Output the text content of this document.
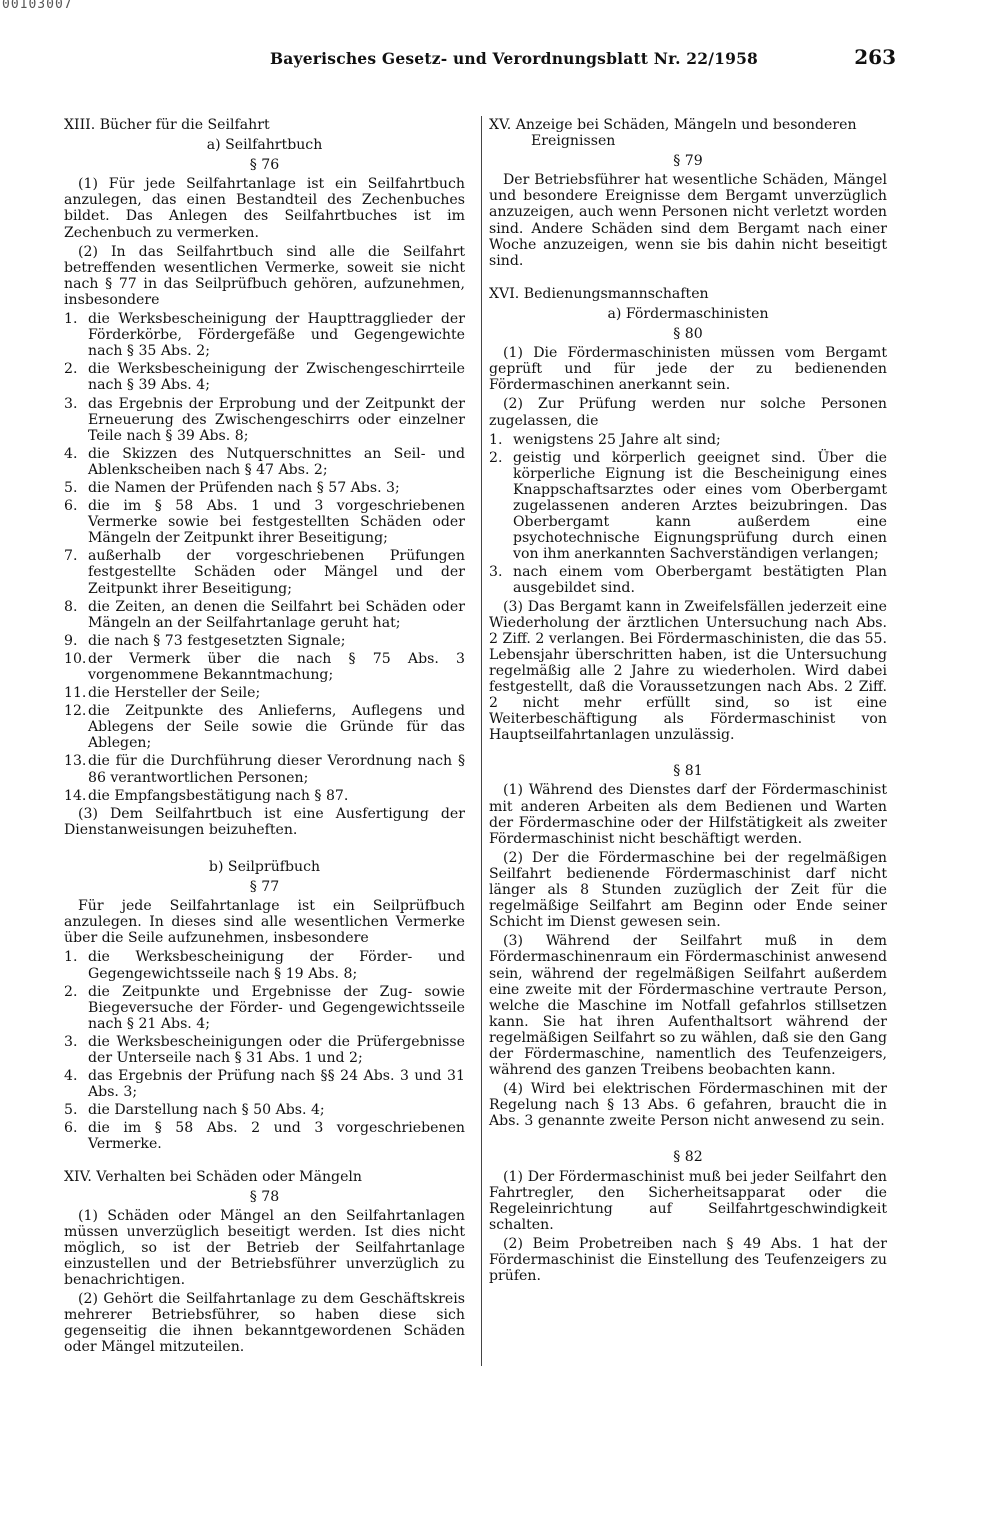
00103007
Bayerisches Gesetz- und Verordnungsblatt Nr. 22/1958	263
XIII. Bücher für die Seilfahrt
a) Seilfahrtbuch
§ 76

(1) Für jede Seilfahrtanlage ist ein Seilfahrtbuch anzulegen, das einen Bestandteil des Zechenbuches bildet. Das Anlegen des Seilfahrtbuches ist im Zechenbuch zu vermerken.

(2) In das Seilfahrtbuch sind alle die Seilfahrt betreffenden wesentlichen Vermerke, soweit sie nicht nach § 77 in das Seilprüfbuch gehören, aufzunehmen, insbesondere

1. die Werksbescheinigung der Haupttragglieder der Förderkörbe, Fördergefäße und Gegengewichte nach § 35 Abs. 2;
2. die Werksbescheinigung der Zwischengeschirrteile nach § 39 Abs. 4;
3. das Ergebnis der Erprobung und der Zeitpunkt der Erneuerung des Zwischengeschirrs oder einzelner Teile nach § 39 Abs. 8;
4. die Skizzen des Nutquerschnittes an Seil- und Ablenkscheiben nach § 47 Abs. 2;
5. die Namen der Prüfenden nach § 57 Abs. 3;
6. die im § 58 Abs. 1 und 3 vorgeschriebenen Vermerke sowie bei festgestellten Schäden oder Mängeln der Zeitpunkt ihrer Beseitigung;
7. außerhalb der vorgeschriebenen Prüfungen festgestellte Schäden oder Mängel und der Zeitpunkt ihrer Beseitigung;
8. die Zeiten, an denen die Seilfahrt bei Schäden oder Mängeln an der Seilfahrtanlage geruht hat;
9. die nach § 73 festgesetzten Signale;
10. der Vermerk über die nach § 75 Abs. 3 vorgenommene Bekanntmachung;
11. die Hersteller der Seile;
12. die Zeitpunkte des Anlieferns, Auflegens und Ablegens der Seile sowie die Gründe für das Ablegen;
13. die für die Durchführung dieser Verordnung nach § 86 verantwortlichen Personen;
14. die Empfangsbestätigung nach § 87.

(3) Dem Seilfahrtbuch ist eine Ausfertigung der Dienstanweisungen beizuheften.

b) Seilprüfbuch
§ 77

Für jede Seilfahrtanlage ist ein Seilprüfbuch anzulegen. In dieses sind alle wesentlichen Vermerke über die Seile aufzunehmen, insbesondere

1. die Werksbescheinigung der Förder- und Gegengewichtsseile nach § 19 Abs. 8;
2. die Zeitpunkte und Ergebnisse der Zug- sowie Biegeversuche der Förder- und Gegengewichtsseile nach § 21 Abs. 4;
3. die Werksbescheinigungen oder die Prüfergebnisse der Unterseile nach § 31 Abs. 1 und 2;
4. das Ergebnis der Prüfung nach §§ 24 Abs. 3 und 31 Abs. 3;
5. die Darstellung nach § 50 Abs. 4;
6. die im § 58 Abs. 2 und 3 vorgeschriebenen Vermerke.
XIV. Verhalten bei Schäden oder Mängeln
§ 78

(1) Schäden oder Mängel an den Seilfahrtanlagen müssen unverzüglich beseitigt werden. Ist dies nicht möglich, so ist der Betrieb der Seilfahrtanlage einzustellen und der Betriebsführer unverzüglich zu benachrichtigen.

(2) Gehört die Seilfahrtanlage zu dem Geschäftskreis mehrerer Betriebsführer, so haben diese sich gegenseitig die ihnen bekanntgewordenen Schäden oder Mängel mitzuteilen.

XV. Anzeige bei Schäden, Mängeln und besonderen
Ereignissen
§ 79

Der Betriebsführer hat wesentliche Schäden, Mängel und besondere Ereignisse dem Bergamt unverzüglich anzuzeigen, auch wenn Personen nicht verletzt worden sind. Andere Schäden sind dem Bergamt nach einer Woche anzuzeigen, wenn sie bis dahin nicht beseitigt sind.

XVI. Bedienungsmannschaften
a) Fördermaschinisten
§ 80

(1) Die Fördermaschinisten müssen vom Bergamt geprüft und für jede der zu bedienenden Fördermaschinen anerkannt sein.

(2) Zur Prüfung werden nur solche Personen zugelassen, die

1. wenigstens 25 Jahre alt sind;
2. geistig und körperlich geeignet sind. Über die körperliche Eignung ist die Bescheinigung eines Knappschaftsarztes oder eines vom Oberbergamt zugelassenen anderen Arztes beizubringen. Das Oberbergamt kann außerdem eine psychotechnische Eignungsprüfung durch einen von ihm anerkannten Sachverständigen verlangen;
3. nach einem vom Oberbergamt bestätigten Plan ausgebildet sind.

(3) Das Bergamt kann in Zweifelsfällen jederzeit eine Wiederholung der ärztlichen Untersuchung nach Abs. 2 Ziff. 2 verlangen. Bei Fördermaschinisten, die das 55. Lebensjahr überschritten haben, ist die Untersuchung regelmäßig alle 2 Jahre zu wiederholen. Wird dabei festgestellt, daß die Voraussetzungen nach Abs. 2 Ziff. 2 nicht mehr erfüllt sind, so ist eine Weiterbeschäftigung als Fördermaschinist von Hauptseilfahrtanlagen unzulässig.

§ 81

(1) Während des Dienstes darf der Fördermaschinist mit anderen Arbeiten als dem Bedienen und Warten der Fördermaschine oder der Hilfstätigkeit als zweiter Fördermaschinist nicht beschäftigt werden.

(2) Der die Fördermaschine bei der regelmäßigen Seilfahrt bedienende Fördermaschinist darf nicht länger als 8 Stunden zuzüglich der Zeit für die regelmäßige Seilfahrt am Beginn oder Ende seiner Schicht im Dienst gewesen sein.

(3) Während der Seilfahrt muß in dem Fördermaschinenraum ein Fördermaschinist anwesend sein, während der regelmäßigen Seilfahrt außerdem eine zweite mit der Fördermaschine vertraute Person, welche die Maschine im Notfall gefahrlos stillsetzen kann. Sie hat ihren Aufenthaltsort während der regelmäßigen Seilfahrt so zu wählen, daß sie den Gang der Fördermaschine, namentlich des Teufenzeigers, während des ganzen Treibens beobachten kann.

(4) Wird bei elektrischen Fördermaschinen mit der Regelung nach § 13 Abs. 6 gefahren, braucht die in Abs. 3 genannte zweite Person nicht anwesend zu sein.

§ 82

(1) Der Fördermaschinist muß bei jeder Seilfahrt den Fahrtregler, den Sicherheitsapparat oder die Regeleinrichtung auf Seilfahrtgeschwindigkeit schalten.

(2) Beim Probetreiben nach § 49 Abs. 1 hat der Fördermaschinist die Einstellung des Teufenzeigers zu prüfen.
